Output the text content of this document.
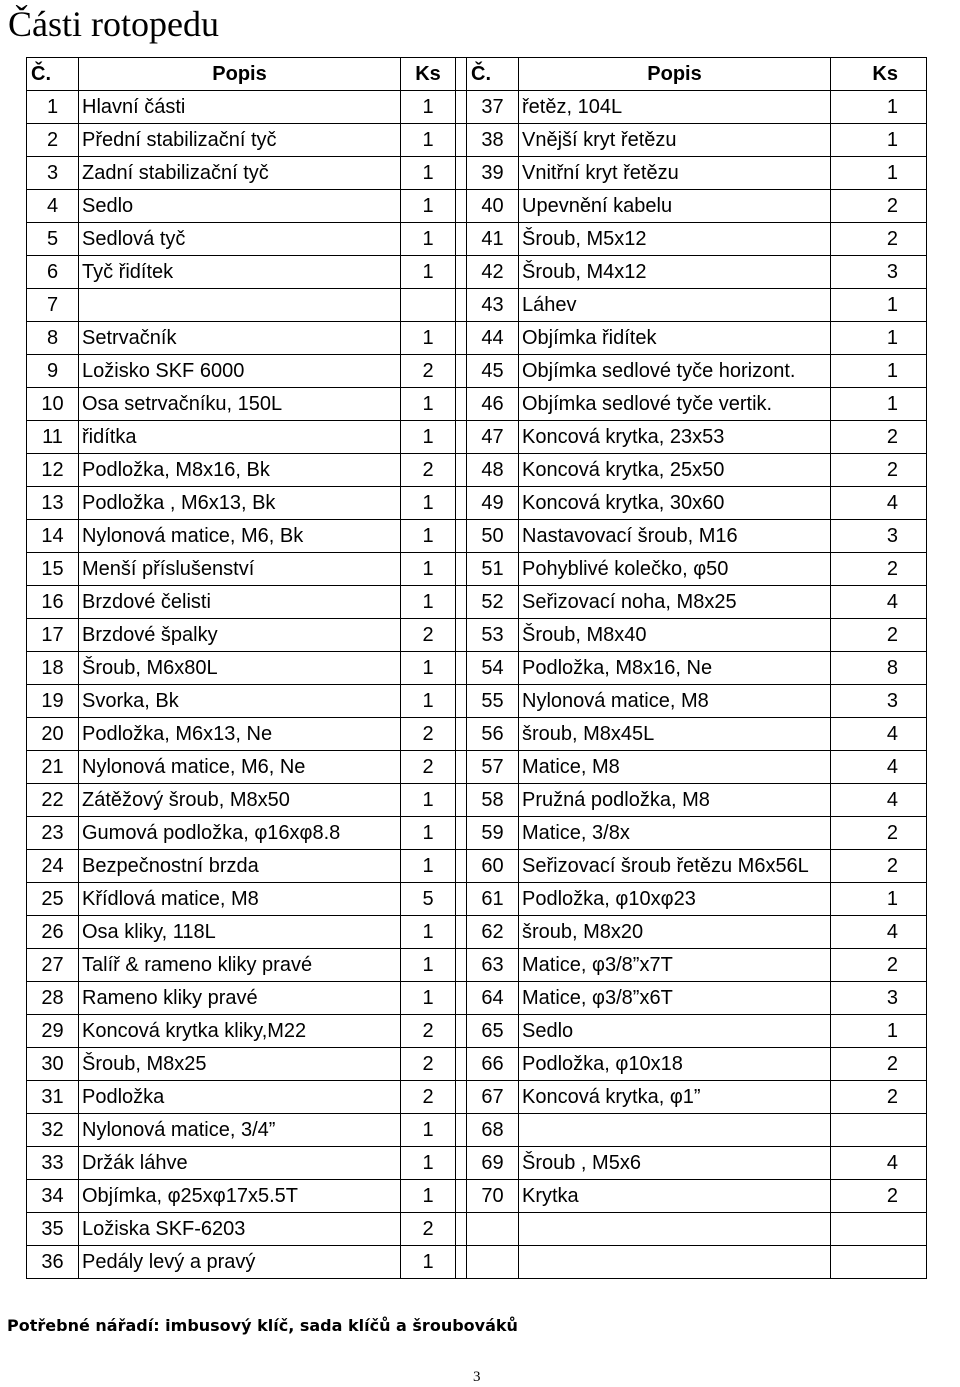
Části rotopedu
Č.	Popis	Ks		Č.	Popis	Ks
1	Hlavní části	1		37	řetěz, 104L	1
2	Přední stabilizační tyč	1		38	Vnější kryt řetězu	1
3	Zadní stabilizační tyč	1		39	Vnitřní kryt řetězu	1
4	Sedlo	1		40	Upevnění kabelu	2
5	Sedlová tyč	1		41	Šroub, M5x12	2
6	Tyč řidítek	1		42	Šroub, M4x12	3
7				43	Láhev	1
8	Setrvačník	1		44	Objímka řidítek	1
9	Ložisko SKF 6000	2		45	Objímka sedlové tyče horizont.	1
10	Osa setrvačníku, 150L	1		46	Objímka sedlové tyče vertik.	1
11	řidítka	1		47	Koncová krytka, 23x53	2
12	Podložka, M8x16, Bk	2		48	Koncová krytka, 25x50	2
13	Podložka , M6x13, Bk	1		49	Koncová krytka, 30x60	4
14	Nylonová matice, M6, Bk	1		50	Nastavovací šroub, M16	3
15	Menší příslušenství	1		51	Pohyblivé kolečko, φ50	2
16	Brzdové čelisti	1		52	Seřizovací noha, M8x25	4
17	Brzdové špalky	2		53	Šroub, M8x40	2
18	Šroub, M6x80L	1		54	Podložka, M8x16, Ne	8
19	Svorka, Bk	1		55	Nylonová matice, M8	3
20	Podložka, M6x13, Ne	2		56	šroub, M8x45L	4
21	Nylonová matice, M6, Ne	2		57	Matice, M8	4
22	Zátěžový šroub, M8x50	1		58	Pružná podložka, M8	4
23	Gumová podložka, φ16xφ8.8	1		59	Matice, 3/8x	2
24	Bezpečnostní brzda	1		60	Seřizovací šroub řetězu M6x56L	2
25	Křídlová matice, M8	5		61	Podložka, φ10xφ23	1
26	Osa kliky, 118L	1		62	šroub, M8x20	4
27	Talíř & rameno kliky pravé	1		63	Matice, φ3/8”x7T	2
28	Rameno kliky pravé	1		64	Matice, φ3/8”x6T	3
29	Koncová krytka kliky,M22	2		65	Sedlo	1
30	Šroub, M8x25	2		66	Podložka, φ10x18	2
31	Podložka	2		67	Koncová krytka, φ1”	2
32	Nylonová matice, 3/4”	1		68		
33	Držák láhve	1		69	Šroub , M5x6	4
34	Objímka, φ25xφ17x5.5T	1		70	Krytka	2
35	Ložiska SKF-6203	2				
36	Pedály levý a pravý	1				
Potřebné nářadí: imbusový klíč, sada klíčů a šroubováků
3
